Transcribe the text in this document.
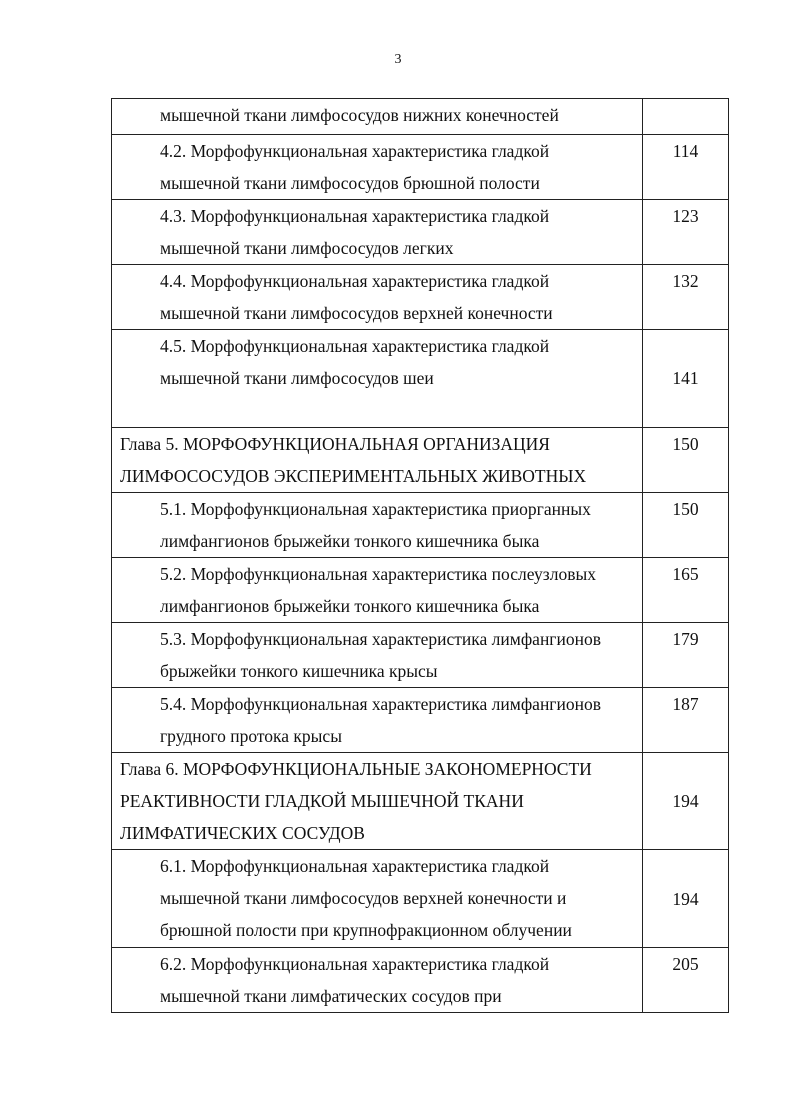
3
мышечной ткани лимфососудов нижних конечностей	

4.2. Морфофункциональная характеристика гладкой
мышечной ткани лимфососудов брюшной полости	114

4.3. Морфофункциональная характеристика гладкой
мышечной ткани лимфососудов легких	123

4.4. Морфофункциональная характеристика гладкой
мышечной ткани лимфососудов верхней конечности	132

4.5. Морфофункциональная характеристика гладкой
мышечной ткани лимфососудов шеи	141

Глава 5. МОРФОФУНКЦИОНАЛЬНАЯ ОРГАНИЗАЦИЯ
ЛИМФОСОСУДОВ ЭКСПЕРИМЕНТАЛЬНЫХ ЖИВОТНЫХ	150

5.1. Морфофункциональная характеристика приорганных
лимфангионов брыжейки тонкого кишечника быка	150

5.2. Морфофункциональная характеристика послеузловых
лимфангионов брыжейки тонкого кишечника быка	165

5.3. Морфофункциональная характеристика лимфангионов
брыжейки тонкого кишечника крысы	179

5.4. Морфофункциональная характеристика лимфангионов
грудного протока крысы	187

Глава 6. МОРФОФУНКЦИОНАЛЬНЫЕ ЗАКОНОМЕРНОСТИ
РЕАКТИВНОСТИ ГЛАДКОЙ МЫШЕЧНОЙ ТКАНИ
ЛИМФАТИЧЕСКИХ СОСУДОВ	194

6.1. Морфофункциональная характеристика гладкой
мышечной ткани лимфососудов верхней конечности и
брюшной полости при крупнофракционном облучении	194

6.2. Морфофункциональная характеристика гладкой
мышечной ткани лимфатических сосудов при	205
